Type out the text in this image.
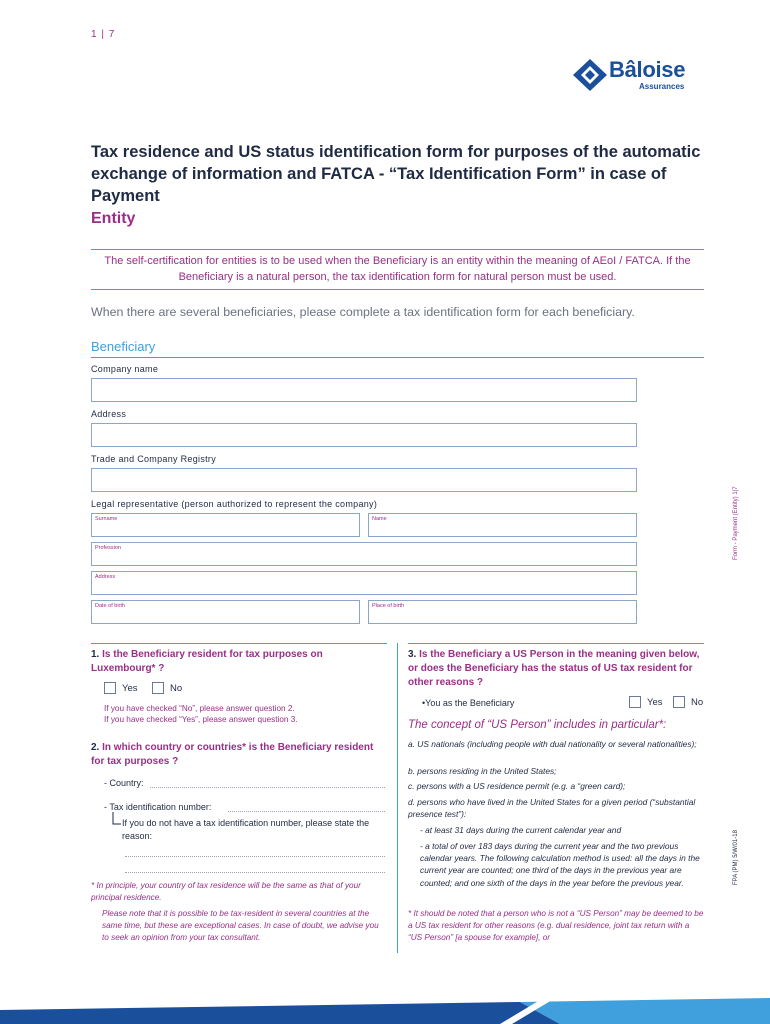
1 | 7
Bâloise
Assurances
Tax residence and US status identification form for purposes of the automatic exchange of information and FATCA - “Tax Identification Form” in case of Payment
Entity
The self-certification for entities is to be used when the Beneficiary is an entity within the meaning of AEoI / FATCA. If the Beneficiary is a natural person, the tax identification form for natural person must be used.
When there are several beneficiaries, please complete a tax identification form for each beneficiary.
Beneficiary
Company name
Address
Trade and Company Registry
Legal representative (person authorized to represent the company)
Surname	Name
Profession
Address
Date of birth	Place of birth
Form - Payment (Entity) 1|7
FPA (PM) 5/W/01-18
1. Is the Beneficiary resident for tax purposes on Luxembourg* ?
Yes	No
If you have checked “No”, please answer question 2.
If you have checked “Yes”, please answer question 3.
2. In which country or countries* is the Beneficiary resident for tax purposes ?
- Country:
- Tax identification number:
If you do not have a tax identification number, please state the reason:
* In principle, your country of tax residence will be the same as that of your principal residence.
Please note that it is possible to be tax-resident in several countries at the same time, but these are exceptional cases. In case of doubt, we advise you to seek an opinion from your tax consultant.
3. Is the Beneficiary a US Person in the meaning given below, or does the Beneficiary has the status of US tax resident for other reasons ?
•You as the Beneficiary	Yes	No
The concept of “US Person” includes in particular*:
a. US nationals (including people with dual nationality or several nationalities);
b. persons residing in the United States;
c. persons with a US residence permit (e.g. a “green card);
d. persons who have lived in the United States for a given period (“substantial presence test”):
- at least 31 days during the current calendar year and
- a total of over 183 days during the current year and the two previous calendar years. The following calculation method is used: all the days in the current year are counted; one third of the days in the previous year are counted; and one sixth of the days in the year before the previous year.
* It should be noted that a person who is not a “US Person” may be deemed to be a US tax resident for other reasons (e.g. dual residence, joint tax return with a “US Person” [a spouse for example], or
